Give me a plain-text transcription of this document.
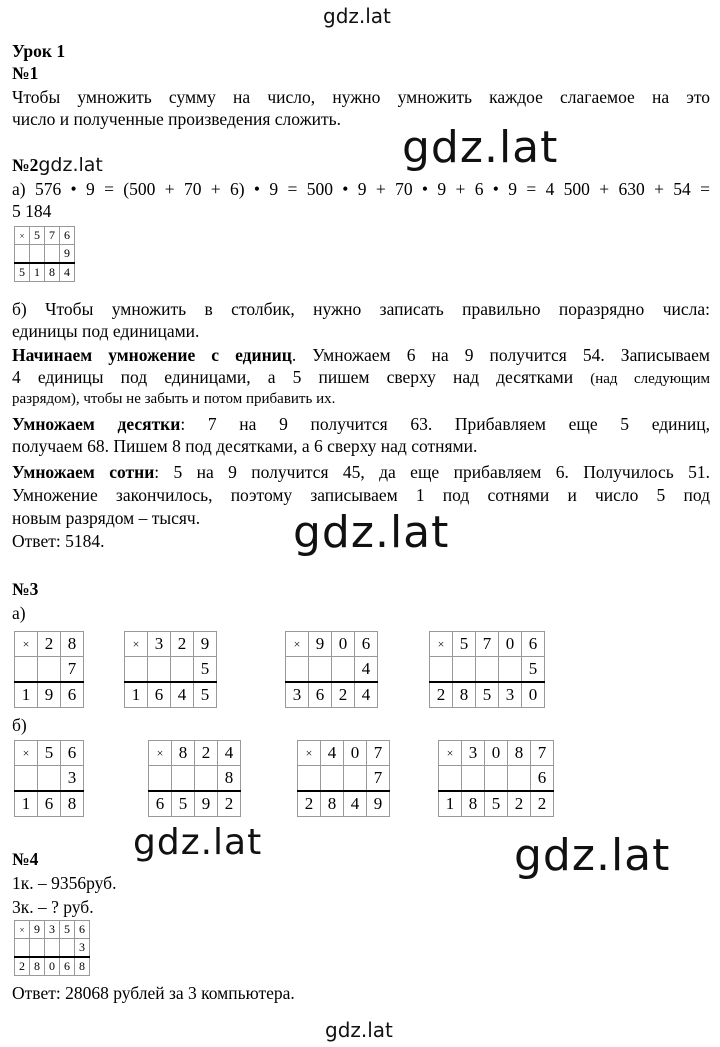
gdz.lat
gdz.lat
gdz.lat
gdz.lat	gdz.lat
gdz.lat
Урок 1
№1
Чтобы умножить сумму на число, нужно умножить каждое слагаемое на это
число и полученные произведения сложить.
№2gdz.lat
а) 576 • 9 = (500 + 70 + 6) • 9 = 500 • 9 + 70 • 9 + 6 • 9 = 4 500 + 630 + 54 =
5 184
×	5	7	6
			9
5	1	8	4
б) Чтобы умножить в столбик, нужно записать правильно поразрядно числа:
единицы под единицами.
Начинаем умножение с единиц. Умножаем 6 на 9 получится 54. Записываем
4 единицы под единицами, а 5 пишем сверху над десятками (над следующим
разрядом), чтобы не забыть и потом прибавить их.
Умножаем десятки: 7 на 9 получится 63. Прибавляем еще 5 единиц,
получаем 68. Пишем 8 под десятками, а 6 сверху над сотнями.
Умножаем сотни: 5 на 9 получится 45, да еще прибавляем 6. Получилось 51.
Умножение закончилось, поэтому записываем 1 под сотнями и число 5 под
новым разрядом – тысяч.
Ответ: 5184.
№3
а)
×	2	8
		7
1	9	6
×	3	2	9
			5
1	6	4	5
×	9	0	6
			4
3	6	2	4
×	5	7	0	6
				5
2	8	5	3	0
б)
×	5	6
		3
1	6	8
×	8	2	4
			8
6	5	9	2
×	4	0	7
			7
2	8	4	9
×	3	0	8	7
				6
1	8	5	2	2
№4
1к. – 9356руб.
3к. – ? руб.
×	9	3	5	6
				3
2	8	0	6	8
Ответ: 28068 рублей за 3 компьютера.
